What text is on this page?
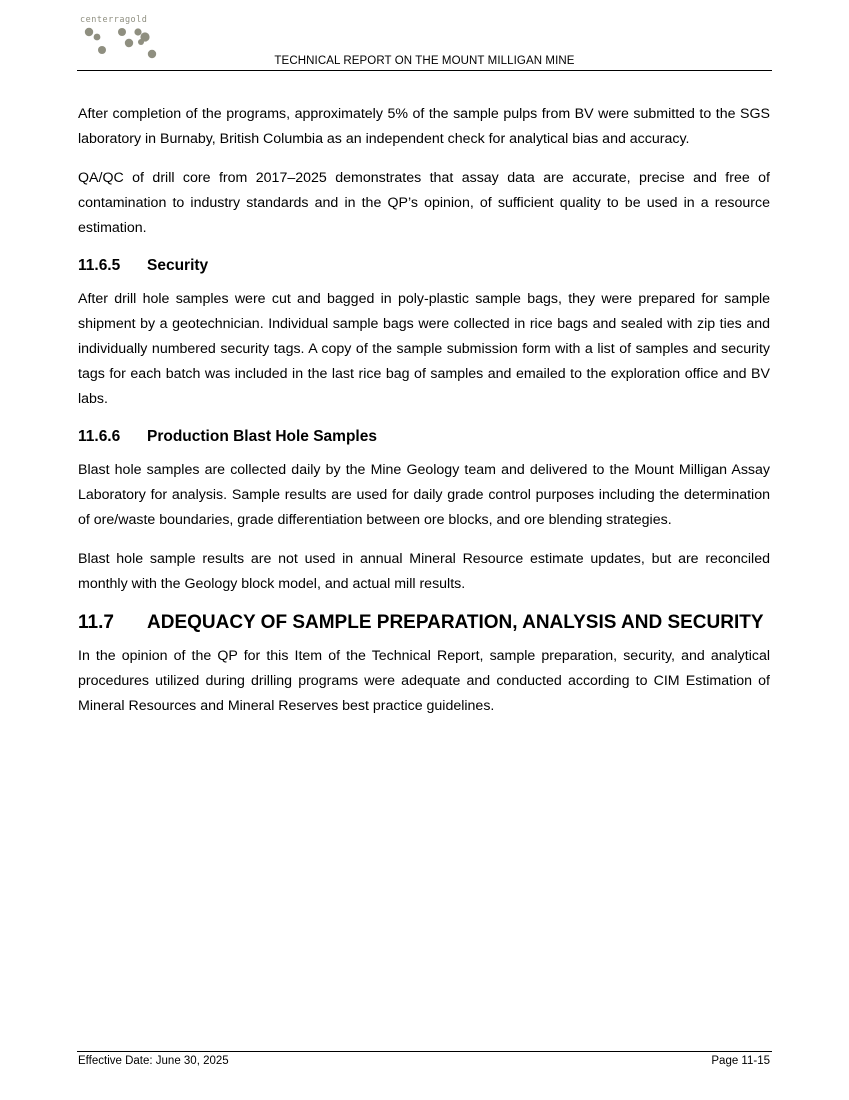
centerragold
TECHNICAL REPORT ON THE MOUNT MILLIGAN MINE

After completion of the programs, approximately 5% of the sample pulps from BV were submitted to the SGS laboratory in Burnaby, British Columbia as an independent check for analytical bias and accuracy.

QA/QC of drill core from 2017–2025 demonstrates that assay data are accurate, precise and free of contamination to industry standards and in the QP’s opinion, of sufficient quality to be used in a resource estimation.

11.6.5	Security

After drill hole samples were cut and bagged in poly-plastic sample bags, they were prepared for sample shipment by a geotechnician. Individual sample bags were collected in rice bags and sealed with zip ties and individually numbered security tags. A copy of the sample submission form with a list of samples and security tags for each batch was included in the last rice bag of samples and emailed to the exploration office and BV labs.

11.6.6	Production Blast Hole Samples

Blast hole samples are collected daily by the Mine Geology team and delivered to the Mount Milligan Assay Laboratory for analysis. Sample results are used for daily grade control purposes including the determination of ore/waste boundaries, grade differentiation between ore blocks, and ore blending strategies.

Blast hole sample results are not used in annual Mineral Resource estimate updates, but are reconciled monthly with the Geology block model, and actual mill results.

11.7	ADEQUACY OF SAMPLE PREPARATION, ANALYSIS AND SECURITY

In the opinion of the QP for this Item of the Technical Report, sample preparation, security, and analytical procedures utilized during drilling programs were adequate and conducted according to CIM Estimation of Mineral Resources and Mineral Reserves best practice guidelines.

Effective Date: June 30, 2025	Page 11-15
